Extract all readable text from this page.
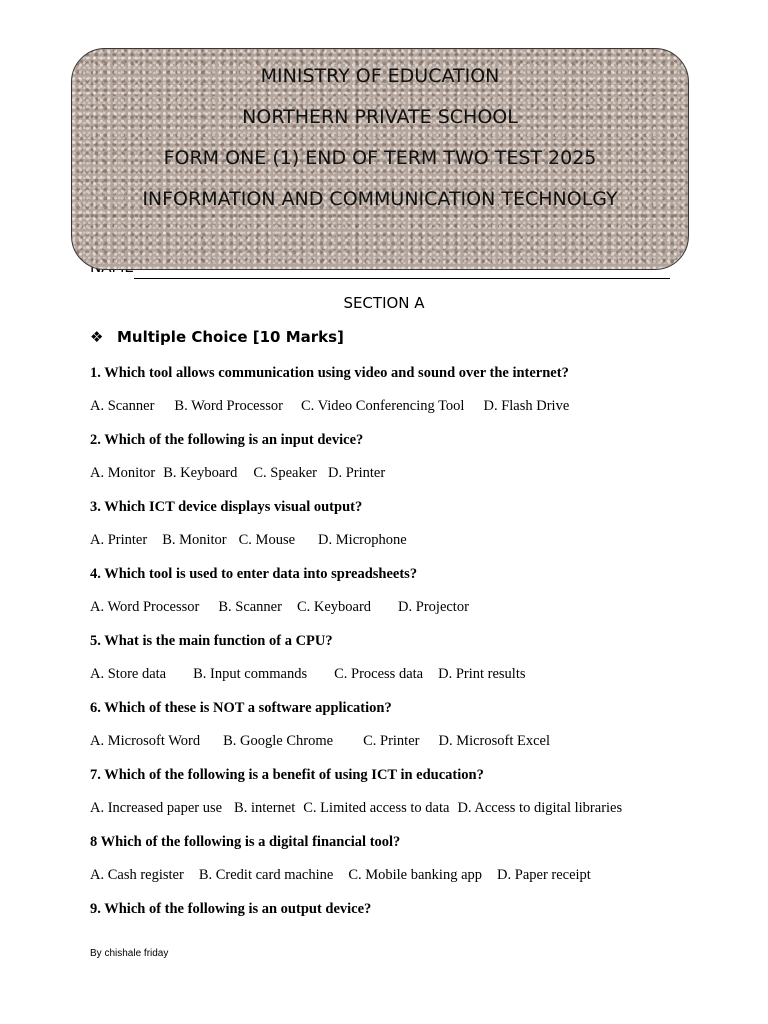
MINISTRY OF EDUCATION
NORTHERN PRIVATE SCHOOL
FORM ONE (1) END OF TERM TWO TEST 2025
INFORMATION AND COMMUNICATION TECHNOLGY
SECTION A
❖ Multiple Choice [10 Marks]
1. Which tool allows communication using video and sound over the internet?
A. Scanner B. Word Processor C. Video Conferencing Tool D. Flash Drive
2. Which of the following is an input device?
A. Monitor B. Keyboard C. Speaker D. Printer
3. Which ICT device displays visual output?
A. Printer B. Monitor C. Mouse D. Microphone
4. Which tool is used to enter data into spreadsheets?
A. Word Processor B. Scanner C. Keyboard D. Projector
5. What is the main function of a CPU?
A. Store data B. Input commands C. Process data D. Print results
6. Which of these is NOT a software application?
A. Microsoft Word B. Google Chrome C. Printer D. Microsoft Excel
7. Which of the following is a benefit of using ICT in education?
A. Increased paper use B. internet C. Limited access to data D. Access to digital libraries
8 Which of the following is a digital financial tool?
A. Cash register B. Credit card machine C. Mobile banking app D. Paper receipt
9. Which of the following is an output device?
By chishale friday
